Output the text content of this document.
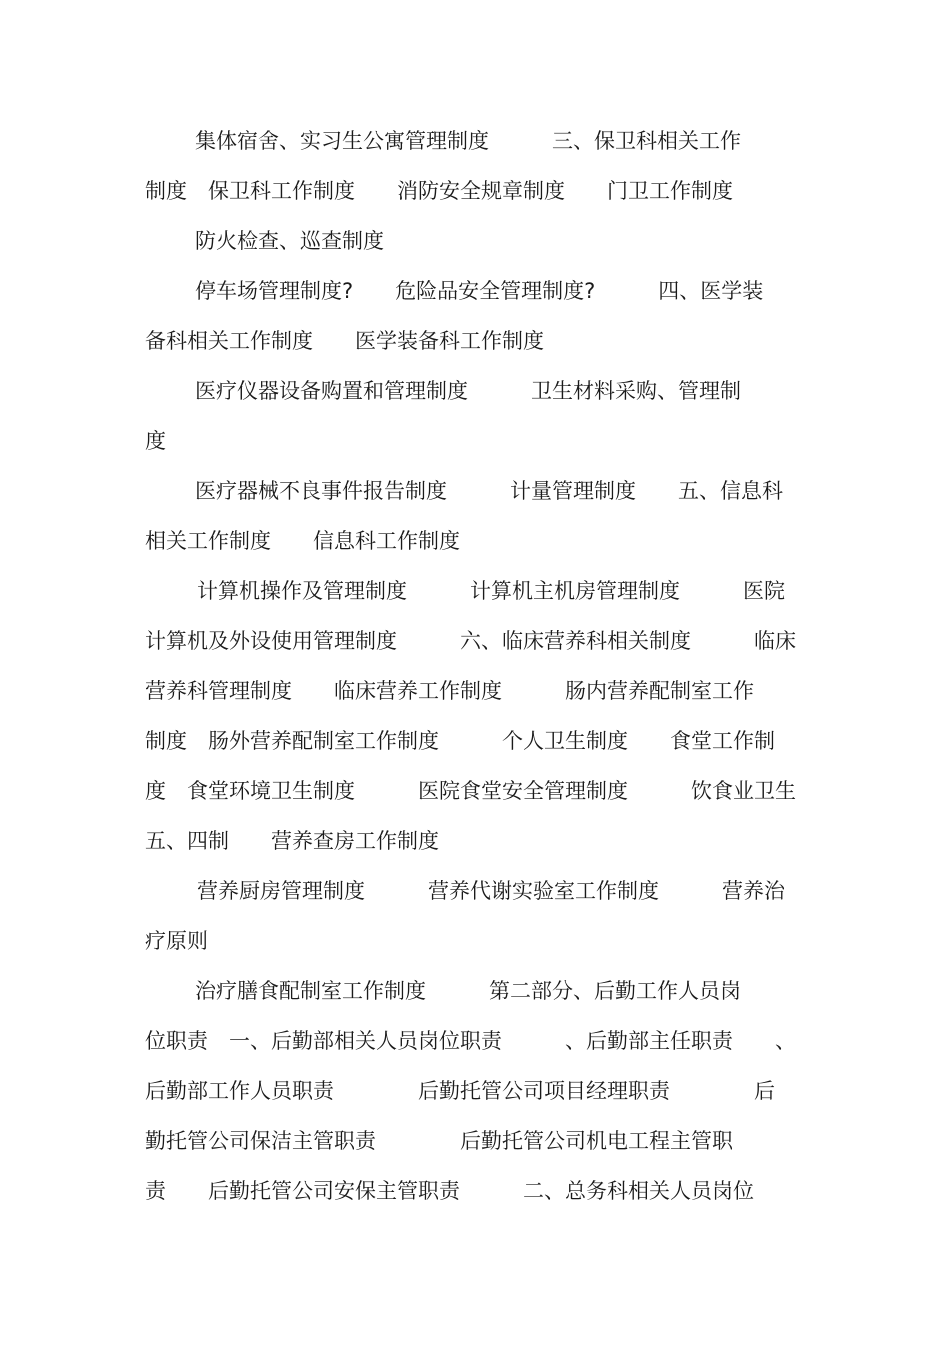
集体宿舍、实习生公寓管理制度　　　三、保卫科相关工作
制度　保卫科工作制度　　消防安全规章制度　　门卫工作制度
防火检查、巡查制度
停车场管理制度?　　危险品安全管理制度?　　　四、医学装
备科相关工作制度　　医学装备科工作制度
医疗仪器设备购置和管理制度　　　卫生材料采购、管理制
度
医疗器械不良事件报告制度　　　计量管理制度　　五、信息科
相关工作制度　　信息科工作制度
计算机操作及管理制度　　　计算机主机房管理制度　　　医院
计算机及外设使用管理制度　　　六、临床营养科相关制度　　　临床
营养科管理制度　　临床营养工作制度　　　肠内营养配制室工作
制度　肠外营养配制室工作制度　　　个人卫生制度　　食堂工作制
度　食堂环境卫生制度　　　医院食堂安全管理制度　　　饮食业卫生
五、四制　　营养查房工作制度
营养厨房管理制度　　　营养代谢实验室工作制度　　　营养治
疗原则
治疗膳食配制室工作制度　　　第二部分、后勤工作人员岗
位职责　一、后勤部相关人员岗位职责　　　、后勤部主任职责　　、
后勤部工作人员职责　　　　后勤托管公司项目经理职责　　　　后
勤托管公司保洁主管职责　　　　后勤托管公司机电工程主管职
责　　后勤托管公司安保主管职责　　　二、总务科相关人员岗位
